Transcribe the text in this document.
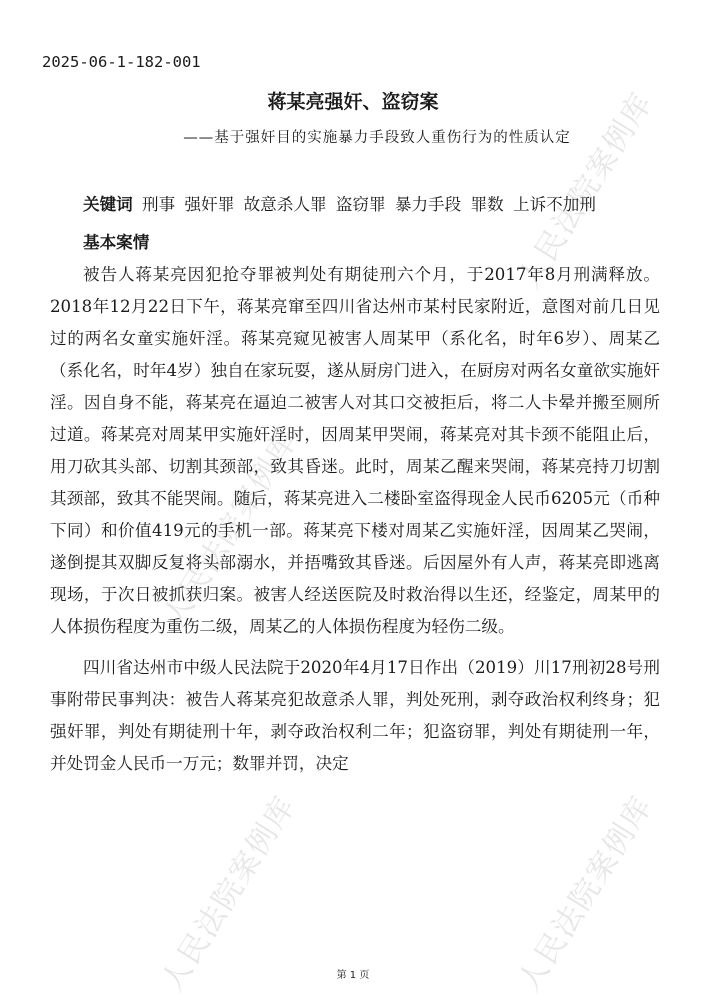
人民法院案例库
人民法院案例库
人民法院案例库
人民法院案例库
2025-06-1-182-001
蒋某亮强奸、盗窃案
——基于强奸目的实施暴力手段致人重伤行为的性质认定

关键词 刑事 强奸罪 故意杀人罪 盗窃罪 暴力手段 罪数 上诉不加刑

基本案情

被告人蒋某亮因犯抢夺罪被判处有期徒刑六个月，于2017年8月刑满释放。2018年12月22日下午，蒋某亮窜至四川省达州市某村民家附近，意图对前几日见过的两名女童实施奸淫。蒋某亮窥见被害人周某甲（系化名，时年6岁）、周某乙（系化名，时年4岁）独自在家玩耍，遂从厨房门进入，在厨房对两名女童欲实施奸淫。因自身不能，蒋某亮在逼迫二被害人对其口交被拒后，将二人卡晕并搬至厕所过道。蒋某亮对周某甲实施奸淫时，因周某甲哭闹，蒋某亮对其卡颈不能阻止后，用刀砍其头部、切割其颈部，致其昏迷。此时，周某乙醒来哭闹，蒋某亮持刀切割其颈部，致其不能哭闹。随后，蒋某亮进入二楼卧室盗得现金人民币6205元（币种下同）和价值419元的手机一部。蒋某亮下楼对周某乙实施奸淫，因周某乙哭闹，遂倒提其双脚反复将头部溺水，并捂嘴致其昏迷。后因屋外有人声，蒋某亮即逃离现场，于次日被抓获归案。被害人经送医院及时救治得以生还，经鉴定，周某甲的人体损伤程度为重伤二级，周某乙的人体损伤程度为轻伤二级。

四川省达州市中级人民法院于2020年4月17日作出（2019）川17刑初28号刑事附带民事判决：被告人蒋某亮犯故意杀人罪，判处死刑，剥夺政治权利终身；犯强奸罪，判处有期徒刑十年，剥夺政治权利二年；犯盗窃罪，判处有期徒刑一年，并处罚金人民币一万元；数罪并罚，决定

第 1 页
